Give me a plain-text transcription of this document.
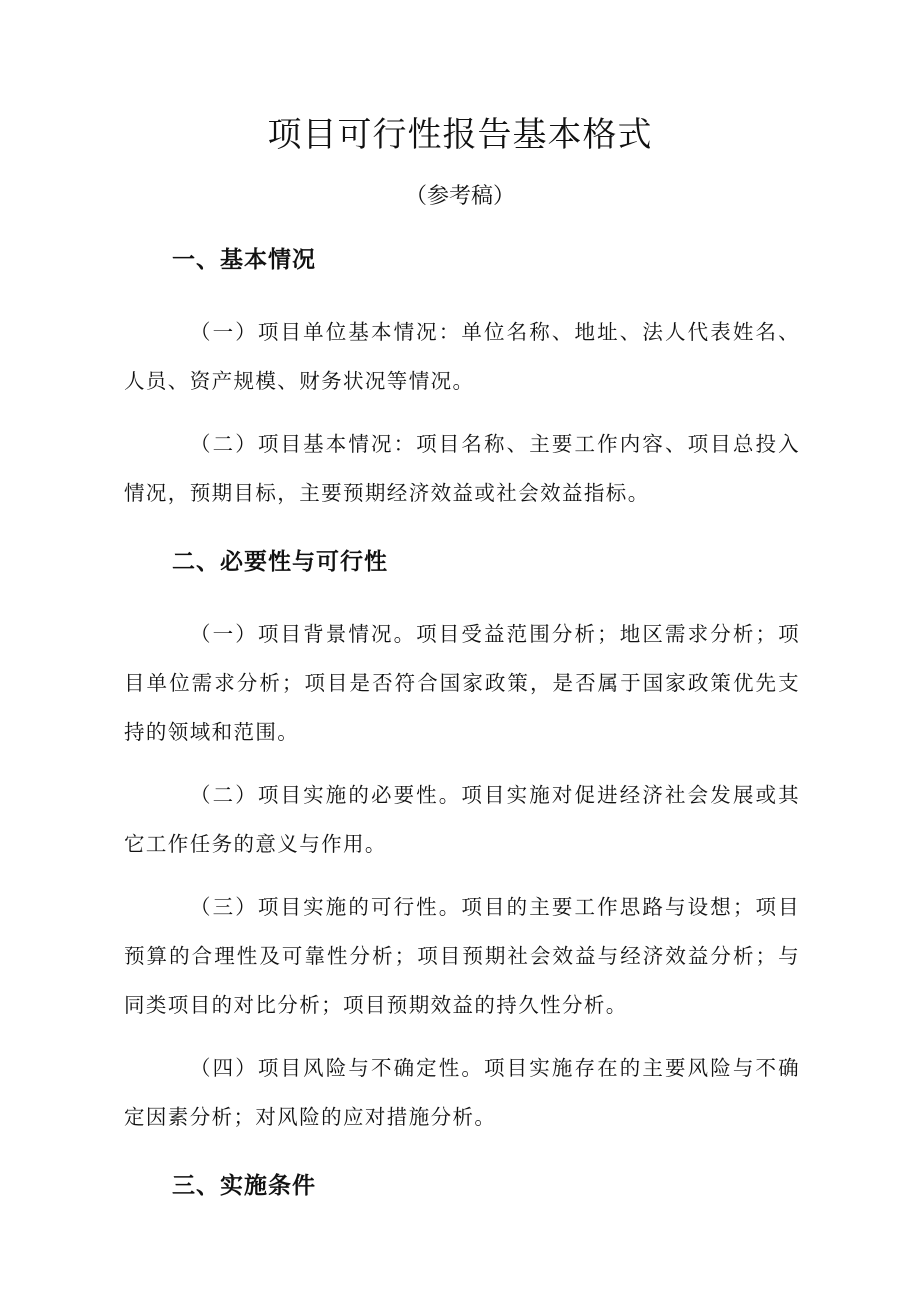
项目可行性报告基本格式

（参考稿）

一、基本情况

（一）项目单位基本情况：单位名称、地址、法人代表姓名、人员、资产规模、财务状况等情况。

（二）项目基本情况：项目名称、主要工作内容、项目总投入情况，预期目标，主要预期经济效益或社会效益指标。

二、必要性与可行性

（一）项目背景情况。项目受益范围分析；地区需求分析；项目单位需求分析；项目是否符合国家政策，是否属于国家政策优先支持的领域和范围。

（二）项目实施的必要性。项目实施对促进经济社会发展或其它工作任务的意义与作用。

（三）项目实施的可行性。项目的主要工作思路与设想；项目预算的合理性及可靠性分析；项目预期社会效益与经济效益分析；与同类项目的对比分析；项目预期效益的持久性分析。

（四）项目风险与不确定性。项目实施存在的主要风险与不确定因素分析；对风险的应对措施分析。

三、实施条件
